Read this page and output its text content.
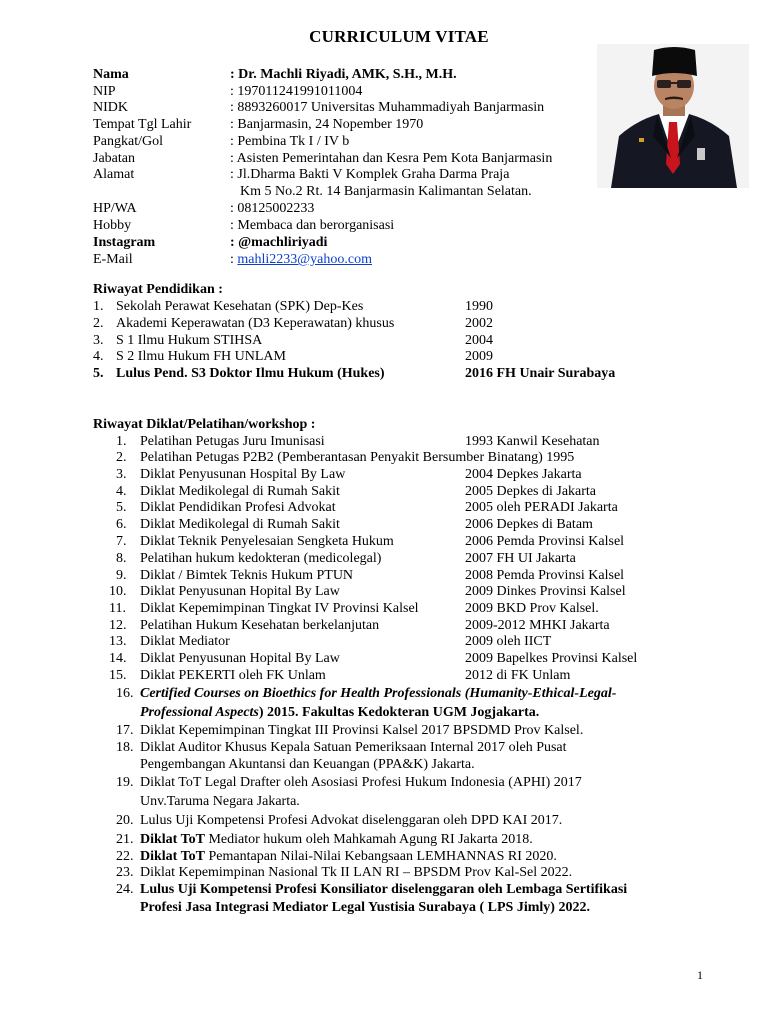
CURRICULUM VITAE
Nama	: Dr. Machli Riyadi, AMK, S.H., M.H.
NIP	: 197011241991011004
NIDK	: 8893260017 Universitas Muhammadiyah Banjarmasin
Tempat Tgl Lahir	: Banjarmasin, 24 Nopember 1970
Pangkat/Gol	: Pembina Tk I / IV b
Jabatan	: Asisten Pemerintahan dan Kesra Pem Kota Banjarmasin
Alamat	: Jl.Dharma Bakti V Komplek Graha Darma Praja
Km 5 No.2 Rt. 14 Banjarmasin Kalimantan Selatan.
HP/WA	: 08125002233
Hobby	: Membaca dan berorganisasi
Instagram	: @machliriyadi
E-Mail	: mahli2233@yahoo.com
Riwayat Pendidikan :
1. Sekolah Perawat Kesehatan (SPK) Dep-Kes	1990
2. Akademi Keperawatan (D3 Keperawatan) khusus	2002
3. S 1 Ilmu Hukum STIHSA	2004
4. S 2 Ilmu Hukum FH UNLAM	2009
5. Lulus Pend. S3 Doktor Ilmu Hukum (Hukes)	2016 FH Unair Surabaya
Riwayat Diklat/Pelatihan/workshop :
1. Pelatihan Petugas Juru Imunisasi	1993 Kanwil Kesehatan
2. Pelatihan Petugas P2B2 (Pemberantasan Penyakit Bersumber Binatang) 1995
3. Diklat Penyusunan Hospital By Law	2004 Depkes Jakarta
4. Diklat Medikolegal di Rumah Sakit	2005 Depkes di Jakarta
5. Diklat Pendidikan Profesi Advokat	2005 oleh PERADI Jakarta
6. Diklat Medikolegal di Rumah Sakit	2006 Depkes di Batam
7. Diklat Teknik Penyelesaian Sengketa Hukum	2006 Pemda Provinsi Kalsel
8. Pelatihan hukum kedokteran (medicolegal)	2007 FH UI Jakarta
9. Diklat / Bimtek Teknis Hukum PTUN	2008 Pemda Provinsi Kalsel
10. Diklat Penyusunan Hopital By Law	2009 Dinkes Provinsi Kalsel
11. Diklat Kepemimpinan Tingkat IV Provinsi Kalsel	2009 BKD Prov Kalsel.
12. Pelatihan Hukum Kesehatan berkelanjutan	2009-2012 MHKI Jakarta
13. Diklat Mediator	2009 oleh IICT
14. Diklat Penyusunan Hopital By Law	2009 Bapelkes Provinsi Kalsel
15. Diklat PEKERTI oleh FK Unlam	2012 di FK Unlam
16. Certified Courses on Bioethics for Health Professionals (Humanity-Ethical-Legal-
Professional Aspects) 2015. Fakultas Kedokteran UGM Jogjakarta.
17. Diklat Kepemimpinan Tingkat III Provinsi Kalsel 2017 BPSDMD Prov Kalsel.
18. Diklat Auditor Khusus Kepala Satuan Pemeriksaan Internal 2017 oleh Pusat
Pengembangan Akuntansi dan Keuangan (PPA&K) Jakarta.
19. Diklat ToT Legal Drafter oleh Asosiasi Profesi Hukum Indonesia (APHI) 2017
Unv.Taruma Negara Jakarta.
20. Lulus Uji Kompetensi Profesi Advokat diselenggaran oleh DPD KAI 2017.
21. Diklat ToT Mediator hukum oleh Mahkamah Agung RI Jakarta 2018.
22. Diklat ToT Pemantapan Nilai-Nilai Kebangsaan LEMHANNAS RI 2020.
23. Diklat Kepemimpinan Nasional Tk II LAN RI – BPSDM Prov Kal-Sel 2022.
24. Lulus Uji Kompetensi Profesi Konsiliator diselenggaran oleh Lembaga Sertifikasi
Profesi Jasa Integrasi Mediator Legal Yustisia Surabaya ( LPS Jimly) 2022.
1
